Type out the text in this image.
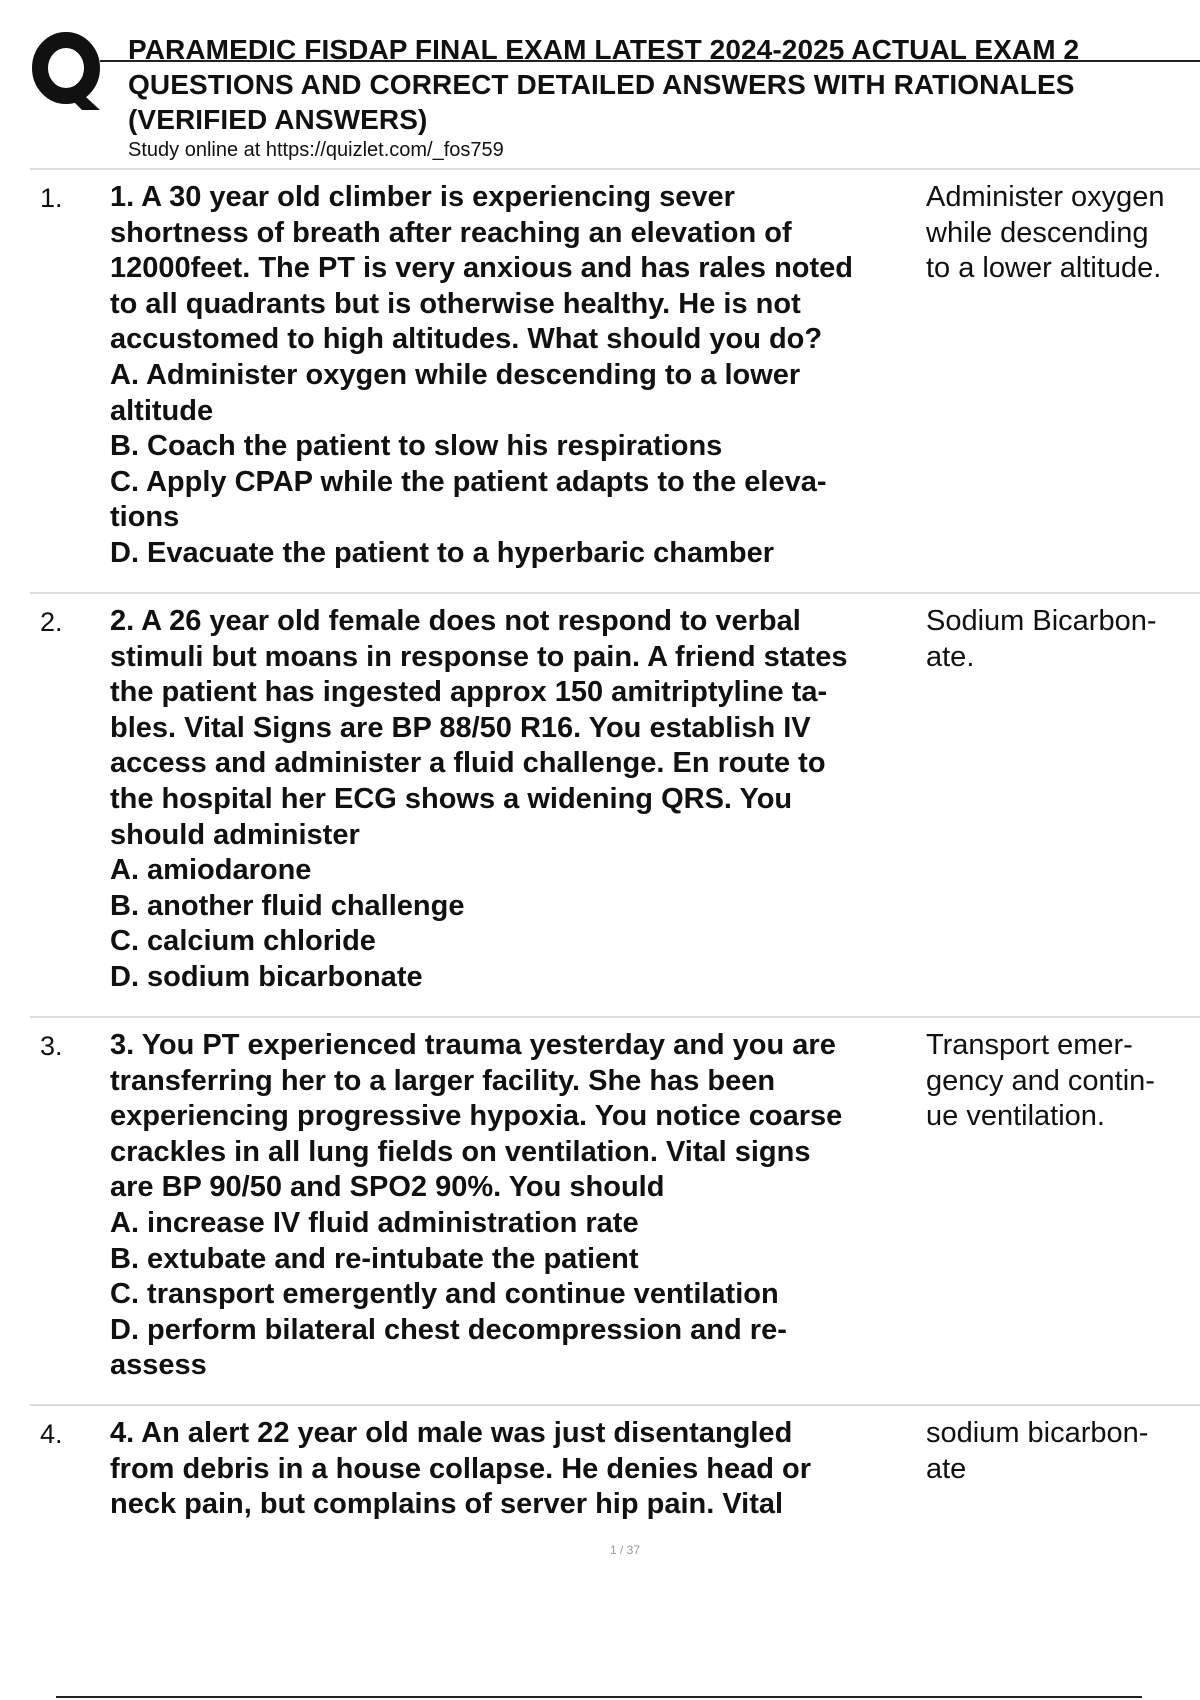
PARAMEDIC FISDAP FINAL EXAM LATEST 2024-2025 ACTUAL EXAM 2
QUESTIONS AND CORRECT DETAILED ANSWERS WITH RATIONALES
(VERIFIED ANSWERS)
Study online at https://quizlet.com/_fos759
1. 1. A 30 year old climber is experiencing sever
shortness of breath after reaching an elevation of
12000feet. The PT is very anxious and has rales noted
to all quadrants but is otherwise healthy. He is not
accustomed to high altitudes. What should you do?
A. Administer oxygen while descending to a lower
altitude
B. Coach the patient to slow his respirations
C. Apply CPAP while the patient adapts to the eleva-
tions
D. Evacuate the patient to a hyperbaric chamber
Administer oxygen
while descending
to a lower altitude.
2. 2. A 26 year old female does not respond to verbal
stimuli but moans in response to pain. A friend states
the patient has ingested approx 150 amitriptyline ta-
bles. Vital Signs are BP 88/50 R16. You establish IV
access and administer a fluid challenge. En route to
the hospital her ECG shows a widening QRS. You
should administer
A. amiodarone
B. another fluid challenge
C. calcium chloride
D. sodium bicarbonate
Sodium Bicarbon-
ate.
3. 3. You PT experienced trauma yesterday and you are
transferring her to a larger facility. She has been
experiencing progressive hypoxia. You notice coarse
crackles in all lung fields on ventilation. Vital signs
are BP 90/50 and SPO2 90%. You should
A. increase IV fluid administration rate
B. extubate and re-intubate the patient
C. transport emergently and continue ventilation
D. perform bilateral chest decompression and re-
assess
Transport emer-
gency and contin-
ue ventilation.
4. 4. An alert 22 year old male was just disentangled
from debris in a house collapse. He denies head or
neck pain, but complains of server hip pain. Vital
sodium bicarbon-
ate
1 / 37
